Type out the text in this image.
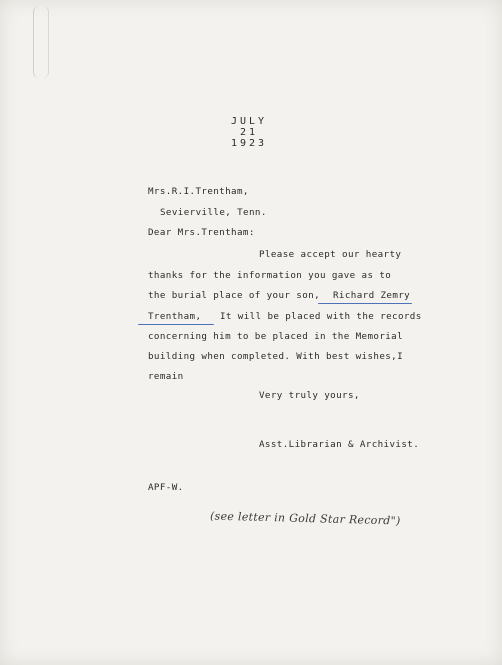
JULY
21
1923
Mrs.R.I.Trentham,
Sevierville, Tenn.
Dear Mrs.Trentham:
Please accept our hearty
thanks for the information you gave as to
the burial place of your son, Richard Zemry
Trentham, It will be placed with the records
concerning him to be placed in the Memorial
building when completed. With best wishes,I
remain
Very truly yours,
Asst.Librarian & Archivist.
APF-W.
(see letter in Gold Star Record")
